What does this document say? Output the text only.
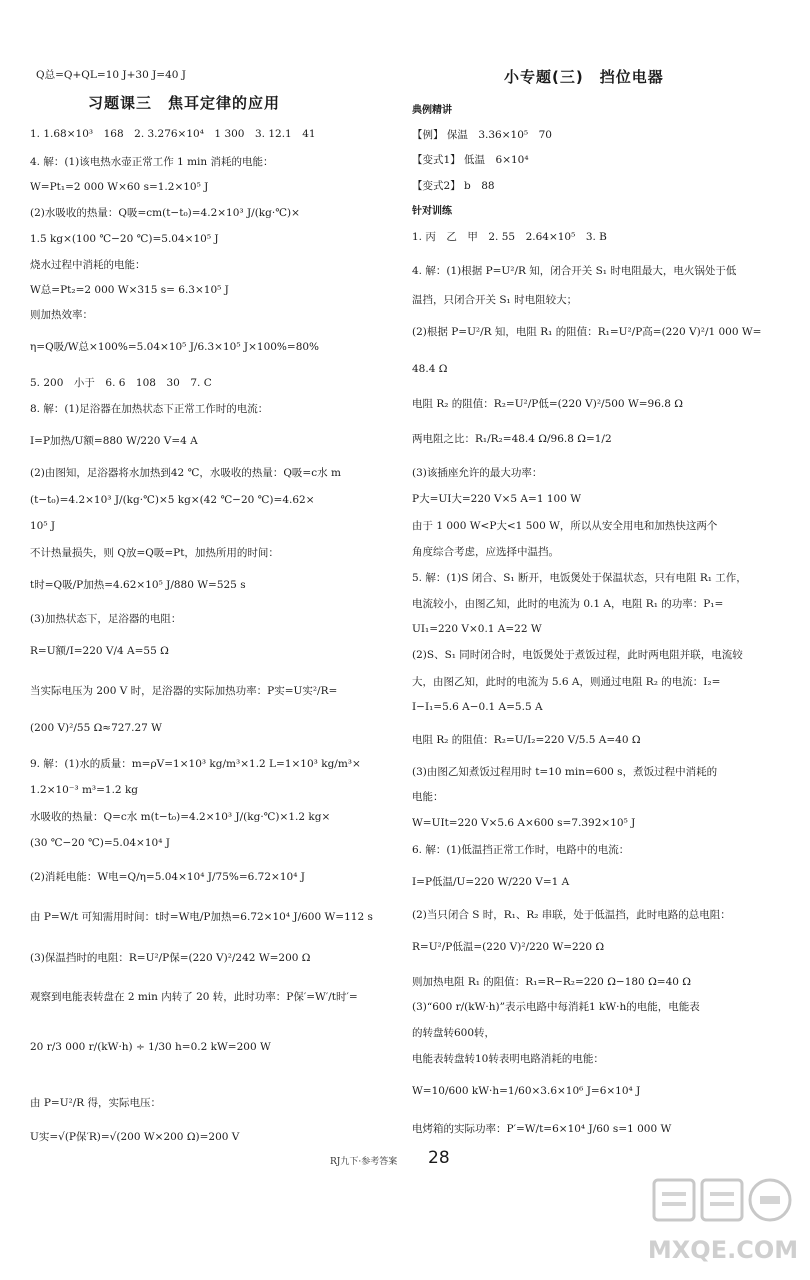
Q总=Q+QL=10 J+30 J=40 J
习题课三　焦耳定律的应用
1. 1.68×10³　168　2. 3.276×10⁴　1 300　3. 12.1　41
4. 解：(1)该电热水壶正常工作 1 min 消耗的电能：
W=Pt₁=2 000 W×60 s=1.2×10⁵ J
(2)水吸收的热量：Q吸=cm(t−t₀)=4.2×10³ J/(kg·℃)×
1.5 kg×(100 ℃−20 ℃)=5.04×10⁵ J
烧水过程中消耗的电能：
W总=Pt₂=2 000 W×315 s= 6.3×10⁵ J
则加热效率：
η=Q吸/W总×100%=5.04×10⁵ J/6.3×10⁵ J×100%=80%
5. 200　小于　6. 6　108　30　7. C
8. 解：(1)足浴器在加热状态下正常工作时的电流：
I=P加热/U额=880 W/220 V=4 A
(2)由图知，足浴器将水加热到42 ℃，水吸收的热量：Q吸=c水 m
(t−t₀)=4.2×10³ J/(kg·℃)×5 kg×(42 ℃−20 ℃)=4.62×
10⁵ J
不计热量损失，则 Q放=Q吸=Pt，加热所用的时间：
t时=Q吸/P加热=4.62×10⁵ J/880 W=525 s
(3)加热状态下，足浴器的电阻：
R=U额/I=220 V/4 A=55 Ω
当实际电压为 200 V 时，足浴器的实际加热功率：P实=U实²/R=
(200 V)²/55 Ω≈727.27 W
9. 解：(1)水的质量：m=ρV=1×10³ kg/m³×1.2 L=1×10³ kg/m³×
1.2×10⁻³ m³=1.2 kg
水吸收的热量：Q=c水 m(t−t₀)=4.2×10³ J/(kg·℃)×1.2 kg×
(30 ℃−20 ℃)=5.04×10⁴ J
(2)消耗电能：W电=Q/η=5.04×10⁴ J/75%=6.72×10⁴ J
由 P=W/t 可知需用时间：t时=W电/P加热=6.72×10⁴ J/600 W=112 s
(3)保温挡时的电阻：R=U²/P保=(220 V)²/242 W=200 Ω
观察到电能表转盘在 2 min 内转了 20 转，此时功率：P保′=W′/t时′=
20 r/3 000 r/(kW·h) ÷ 1/30 h=0.2 kW=200 W
由 P=U²/R 得，实际电压：
U实=√(P保′R)=√(200 W×200 Ω)=200 V
小专题(三)　挡位电器
典例精讲
【例】 保温　3.36×10⁵　70
【变式1】 低温　6×10⁴
【变式2】 b　88
针对训练
1. 丙　乙　甲　2. 55　2.64×10⁵　3. B
4. 解：(1)根据 P=U²/R 知，闭合开关 S₁ 时电阻最大，电火锅处于低
温挡，只闭合开关 S₁ 时电阻较大；
(2)根据 P=U²/R 知，电阻 R₁ 的阻值：R₁=U²/P高=(220 V)²/1 000 W=
48.4 Ω
电阻 R₂ 的阻值：R₂=U²/P低=(220 V)²/500 W=96.8 Ω
两电阻之比：R₁/R₂=48.4 Ω/96.8 Ω=1/2
(3)该插座允许的最大功率：
P大=UI大=220 V×5 A=1 100 W
由于 1 000 W<P大<1 500 W，所以从安全用电和加热快这两个
角度综合考虑，应选择中温挡。
5. 解：(1)S 闭合、S₁ 断开，电饭煲处于保温状态，只有电阻 R₁ 工作，
电流较小，由图乙知，此时的电流为 0.1 A，电阻 R₁ 的功率：P₁=
UI₁=220 V×0.1 A=22 W
(2)S、S₁ 同时闭合时，电饭煲处于煮饭过程，此时两电阻并联，电流较
大，由图乙知，此时的电流为 5.6 A，则通过电阻 R₂ 的电流：I₂=
I−I₁=5.6 A−0.1 A=5.5 A
电阻 R₂ 的阻值：R₂=U/I₂=220 V/5.5 A=40 Ω
(3)由图乙知煮饭过程用时 t=10 min=600 s，煮饭过程中消耗的
电能：
W=UIt=220 V×5.6 A×600 s=7.392×10⁵ J
6. 解：(1)低温挡正常工作时，电路中的电流：
I=P低温/U=220 W/220 V=1 A
(2)当只闭合 S 时，R₁、R₂ 串联，处于低温挡，此时电路的总电阻：
R=U²/P低温=(220 V)²/220 W=220 Ω
则加热电阻 R₁ 的阻值：R₁=R−R₂=220 Ω−180 Ω=40 Ω
(3)“600 r/(kW·h)”表示电路中每消耗1 kW·h的电能，电能表
的转盘转600转，
电能表转盘转10转表明电路消耗的电能：
W=10/600 kW·h=1/60×3.6×10⁶ J=6×10⁴ J
电烤箱的实际功率：P′=W/t=6×10⁴ J/60 s=1 000 W
RJ九下·参考答案 28
MXQE.COM
